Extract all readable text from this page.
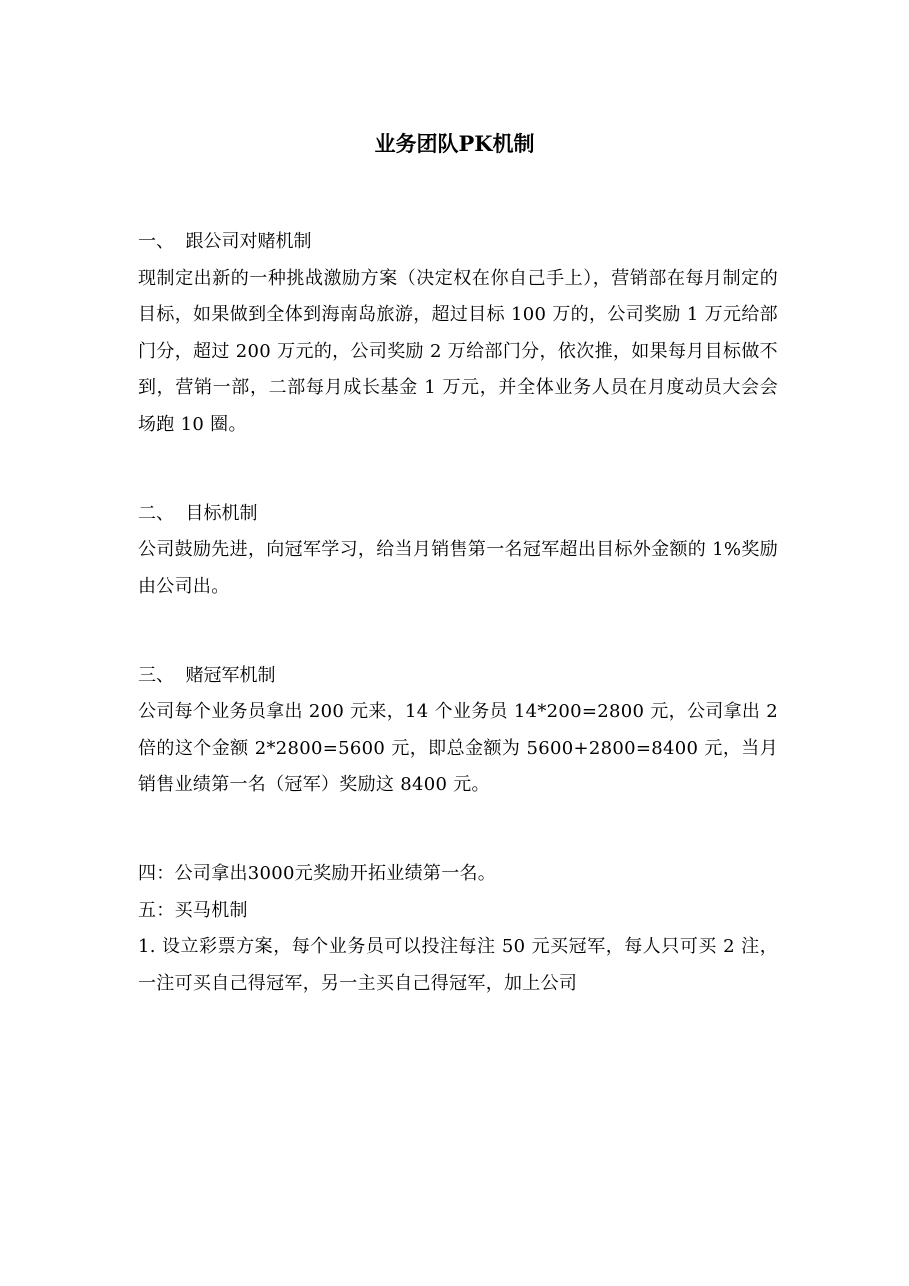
业务团队PK机制

一、  跟公司对赌机制

现制定出新的一种挑战激励方案（决定权在你自己手上），营销部在每月制定的目标，如果做到全体到海南岛旅游，超过目标 100 万的，公司奖励 1 万元给部门分，超过 200 万元的，公司奖励 2 万给部门分，依次推，如果每月目标做不到，营销一部，二部每月成长基金 1 万元，并全体业务人员在月度动员大会会场跑 10 圈。

二、  目标机制

公司鼓励先进，向冠军学习，给当月销售第一名冠军超出目标外金额的 1%奖励由公司出。

三、  赌冠军机制

公司每个业务员拿出 200 元来，14 个业务员 14*200=2800 元，公司拿出 2 倍的这个金额 2*2800=5600 元，即总金额为 5600+2800=8400 元，当月销售业绩第一名（冠军）奖励这 8400 元。

四：公司拿出3000元奖励开拓业绩第一名。

五：买马机制

1. 设立彩票方案，每个业务员可以投注每注 50 元买冠军，每人只可买 2 注，一注可买自己得冠军，另一主买自己得冠军，加上公司
